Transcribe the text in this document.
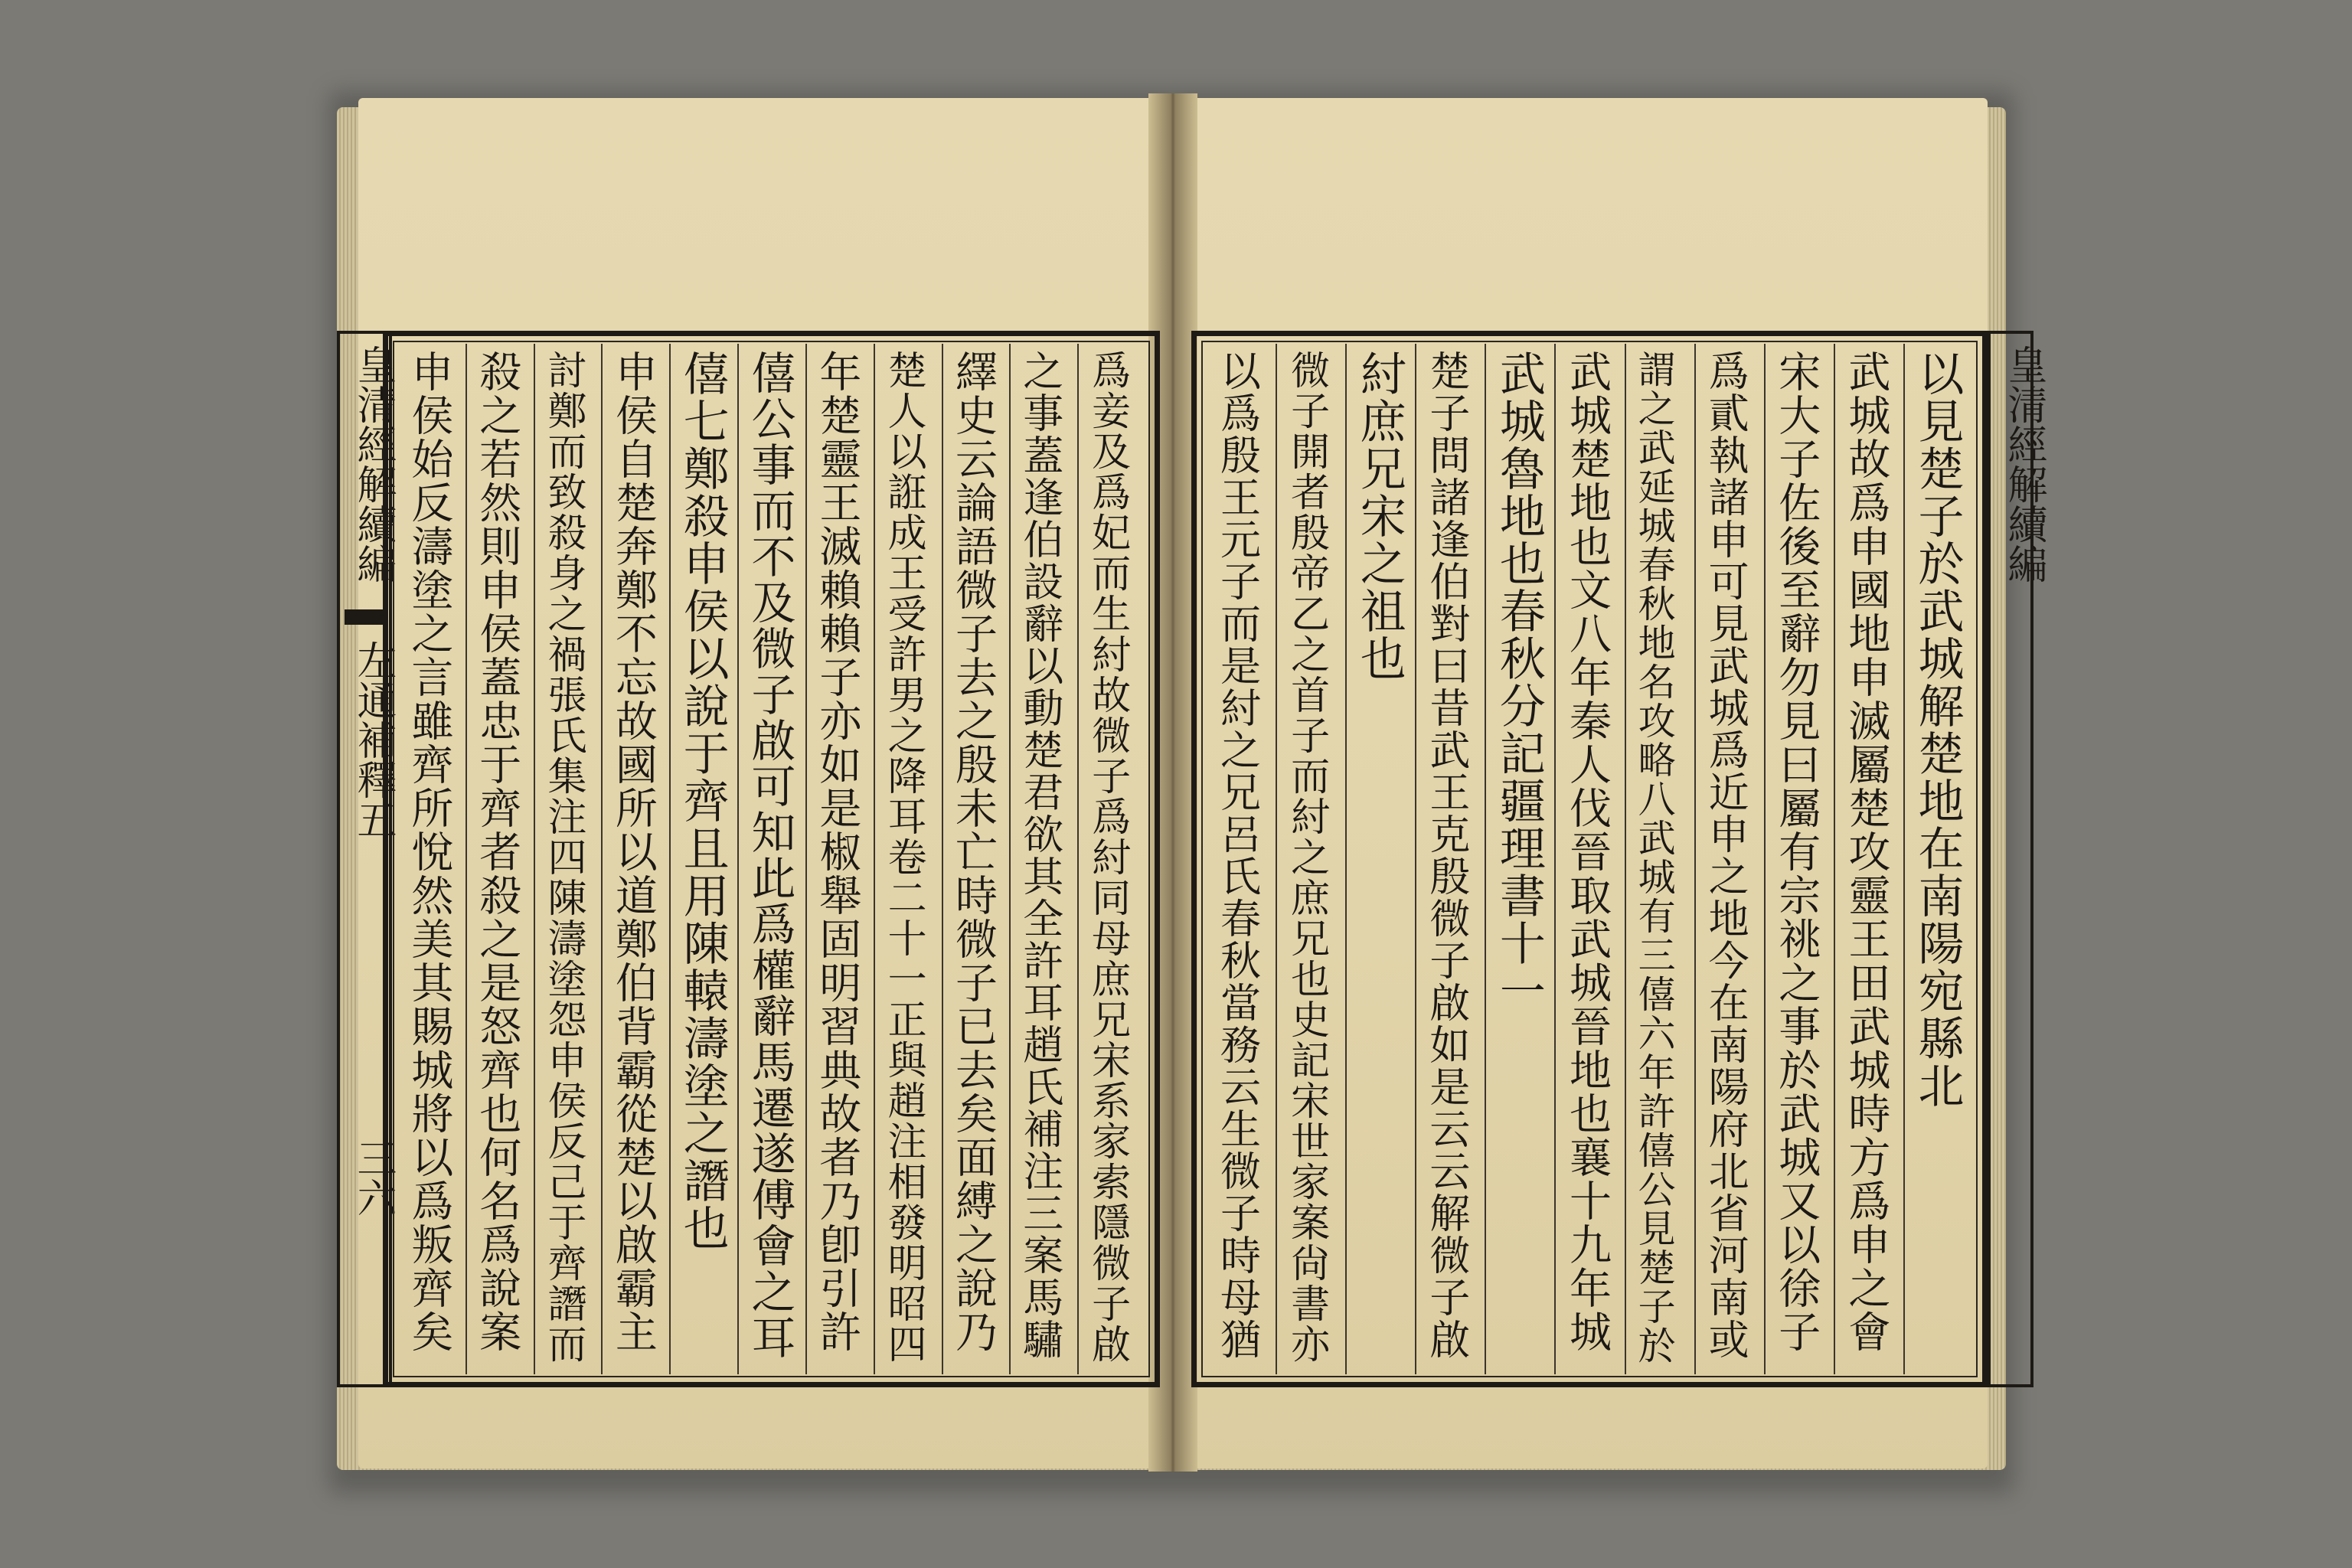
皇清經解續編
左通補釋五
三六
皇清經解續編
爲妾及爲妃而生紂故微子爲紂同母庶兄宋系家索隱微子啟
之事蓋逢伯設辭以動楚君欲其全許耳趙氏補注三案馬驌
繹史云論語微子去之殷未亡時微子已去矣面縛之說乃
楚人以誑成王受許男之降耳卷二十一正與趙注相發明昭四
年楚靈王滅賴賴子亦如是椒舉固明習典故者乃卽引許
僖公事而不及微子啟可知此爲權辭馬遷遂傅會之耳
僖七鄭殺申侯以說于齊且用陳轅濤塗之譖也
申侯自楚奔鄭不忘故國所以道鄭伯背霸從楚以啟霸主
討鄭而致殺身之禍張氏集注四陳濤塗怨申侯反己于齊譖而
殺之若然則申侯蓋忠于齊者殺之是怒齊也何名爲說案
申侯始反濤塗之言雖齊所悅然美其賜城將以爲叛齊矣	以見楚子於武城解楚地在南陽宛縣北
武城故爲申國地申滅屬楚攻靈王田武城時方爲申之會
宋大子佐後至辭勿見曰屬有宗祧之事於武城又以徐子
爲貳執諸申可見武城爲近申之地今在南陽府北省河南或
謂之武延城春秋地名攻略八武城有三僖六年許僖公見楚子於
武城楚地也文八年秦人伐晉取武城晉地也襄十九年城
武城魯地也春秋分記疆理書十一
楚子問諸逢伯對曰昔武王克殷微子啟如是云云解微子啟
紂庶兄宋之祖也
微子開者殷帝乙之首子而紂之庶兄也史記宋世家案尙書亦
以爲殷王元子而是紂之兄呂氏春秋當務云生微子時母猶
